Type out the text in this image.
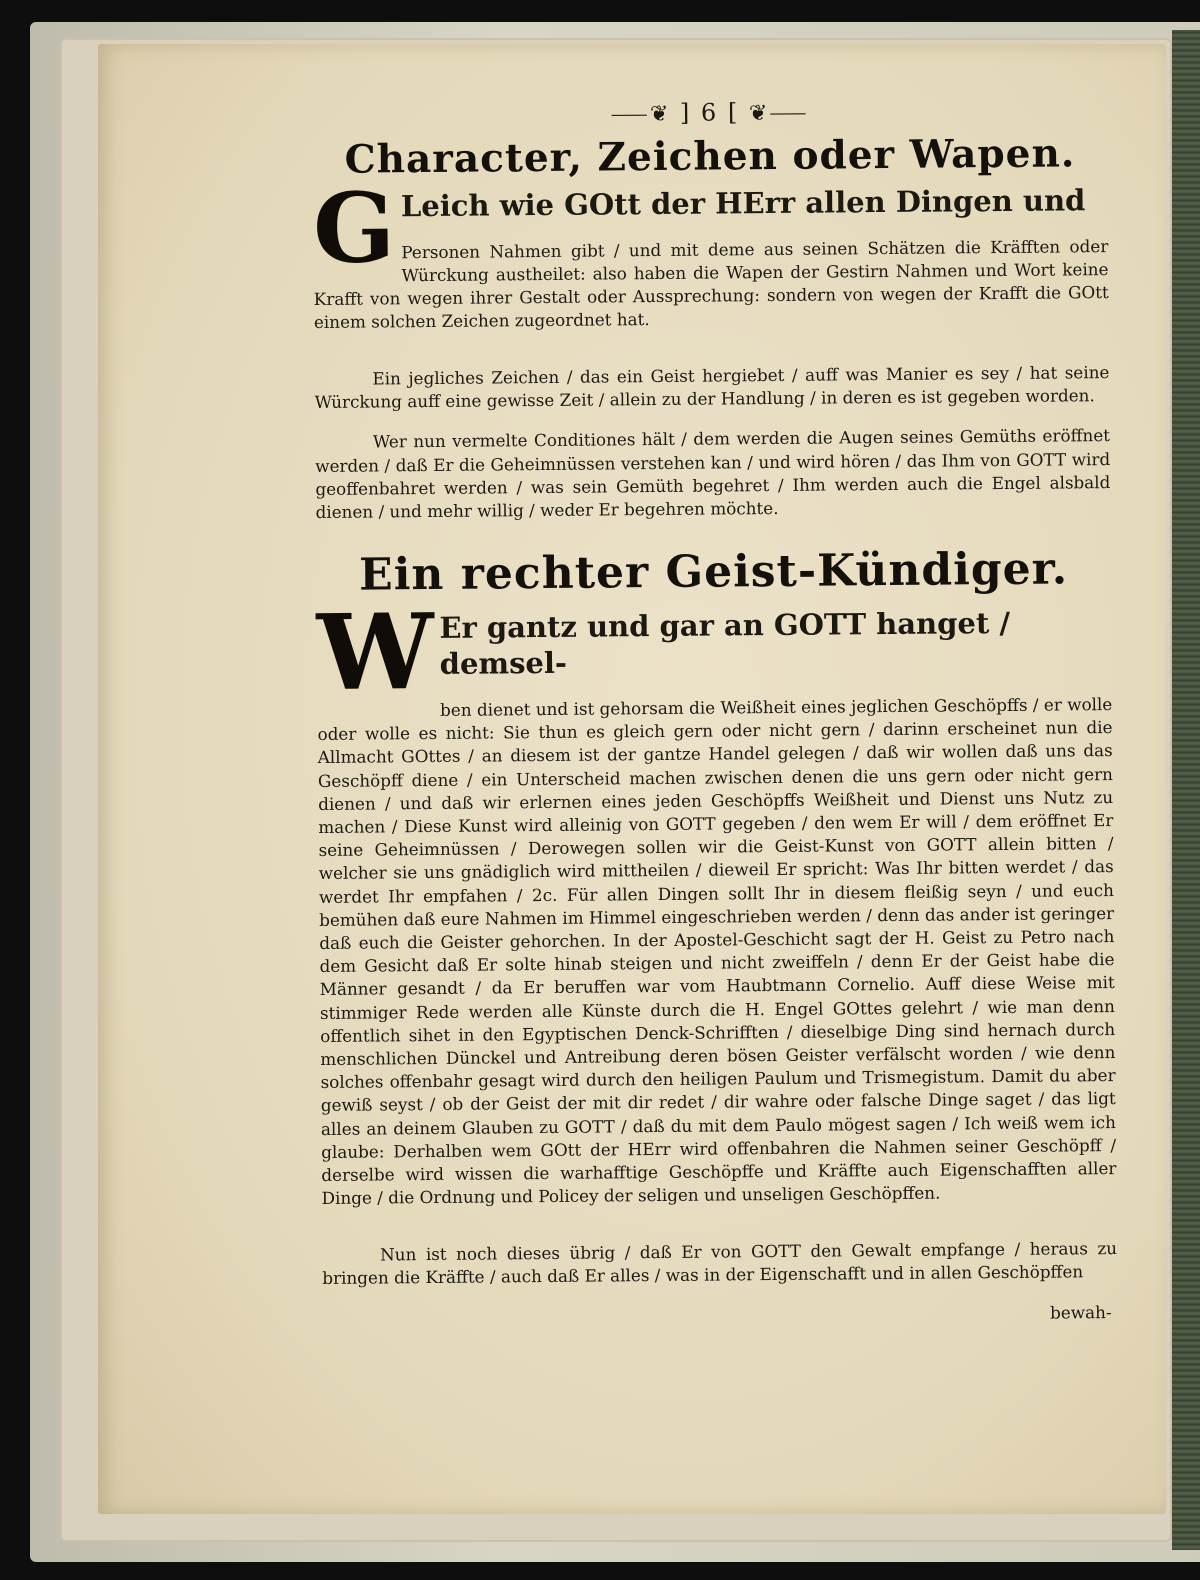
⸺❦ ] 6 [ ❦⸺
Character, Zeichen oder Wapen.
G Leich wie GOtt der HErr allen Dingen und

Personen Nahmen gibt / und mit deme aus seinen Schätzen die Kräfften oder Würckung austheilet: also haben die Wapen der Gestirn Nahmen und Wort keine Krafft von wegen ihrer Gestalt oder Aussprechung: sondern von wegen der Krafft die GOtt einem solchen Zeichen zugeordnet hat.

Ein jegliches Zeichen / das ein Geist hergiebet / auff was Manier es sey / hat seine Würckung auff eine gewisse Zeit / allein zu der Handlung / in deren es ist gegeben worden.

Wer nun vermelte Conditiones hält / dem werden die Augen seines Gemüths eröffnet werden / daß Er die Geheimnüssen verstehen kan / und wird hören / das Ihm von GOTT wird geoffenbahret werden / was sein Gemüth begehret / Ihm werden auch die Engel alsbald dienen / und mehr willig / weder Er begehren möchte.

Ein rechter Geist-Kündiger.
W Er gantz und gar an GOTT hanget / demsel-

ben dienet und ist gehorsam die Weißheit eines jeglichen Geschöpffs / er wolle oder wolle es nicht: Sie thun es gleich gern oder nicht gern / darinn erscheinet nun die Allmacht GOttes / an diesem ist der gantze Handel gelegen / daß wir wollen daß uns das Geschöpff diene / ein Unterscheid machen zwischen denen die uns gern oder nicht gern dienen / und daß wir erlernen eines jeden Geschöpffs Weißheit und Dienst uns Nutz zu machen / Diese Kunst wird alleinig von GOTT gegeben / den wem Er will / dem eröffnet Er seine Geheimnüssen / Derowegen sollen wir die Geist-Kunst von GOTT allein bitten / welcher sie uns gnädiglich wird mittheilen / dieweil Er spricht: Was Ihr bitten werdet / das werdet Ihr empfahen / 2c. Für allen Dingen sollt Ihr in diesem fleißig seyn / und euch bemühen daß eure Nahmen im Himmel eingeschrieben werden / denn das ander ist geringer daß euch die Geister gehorchen. In der Apostel-Geschicht sagt der H. Geist zu Petro nach dem Gesicht daß Er solte hinab steigen und nicht zweiffeln / denn Er der Geist habe die Männer gesandt / da Er beruffen war vom Haubtmann Cornelio. Auff diese Weise mit stimmiger Rede werden alle Künste durch die H. Engel GOttes gelehrt / wie man denn offentlich sihet in den Egyptischen Denck-Schrifften / dieselbige Ding sind hernach durch menschlichen Dünckel und Antreibung deren bösen Geister verfälscht worden / wie denn solches offenbahr gesagt wird durch den heiligen Paulum und Trismegistum. Damit du aber gewiß seyst / ob der Geist der mit dir redet / dir wahre oder falsche Dinge saget / das ligt alles an deinem Glauben zu GOTT / daß du mit dem Paulo mögest sagen / Ich weiß wem ich glaube: Derhalben wem GOtt der HErr wird offenbahren die Nahmen seiner Geschöpff / derselbe wird wissen die warhafftige Geschöpffe und Kräffte auch Eigenschafften aller Dinge / die Ordnung und Policey der seligen und unseligen Geschöpffen.

Nun ist noch dieses übrig / daß Er von GOTT den Gewalt empfange / heraus zu bringen die Kräffte / auch daß Er alles / was in der Eigenschafft und in allen Geschöpffen

bewah-
